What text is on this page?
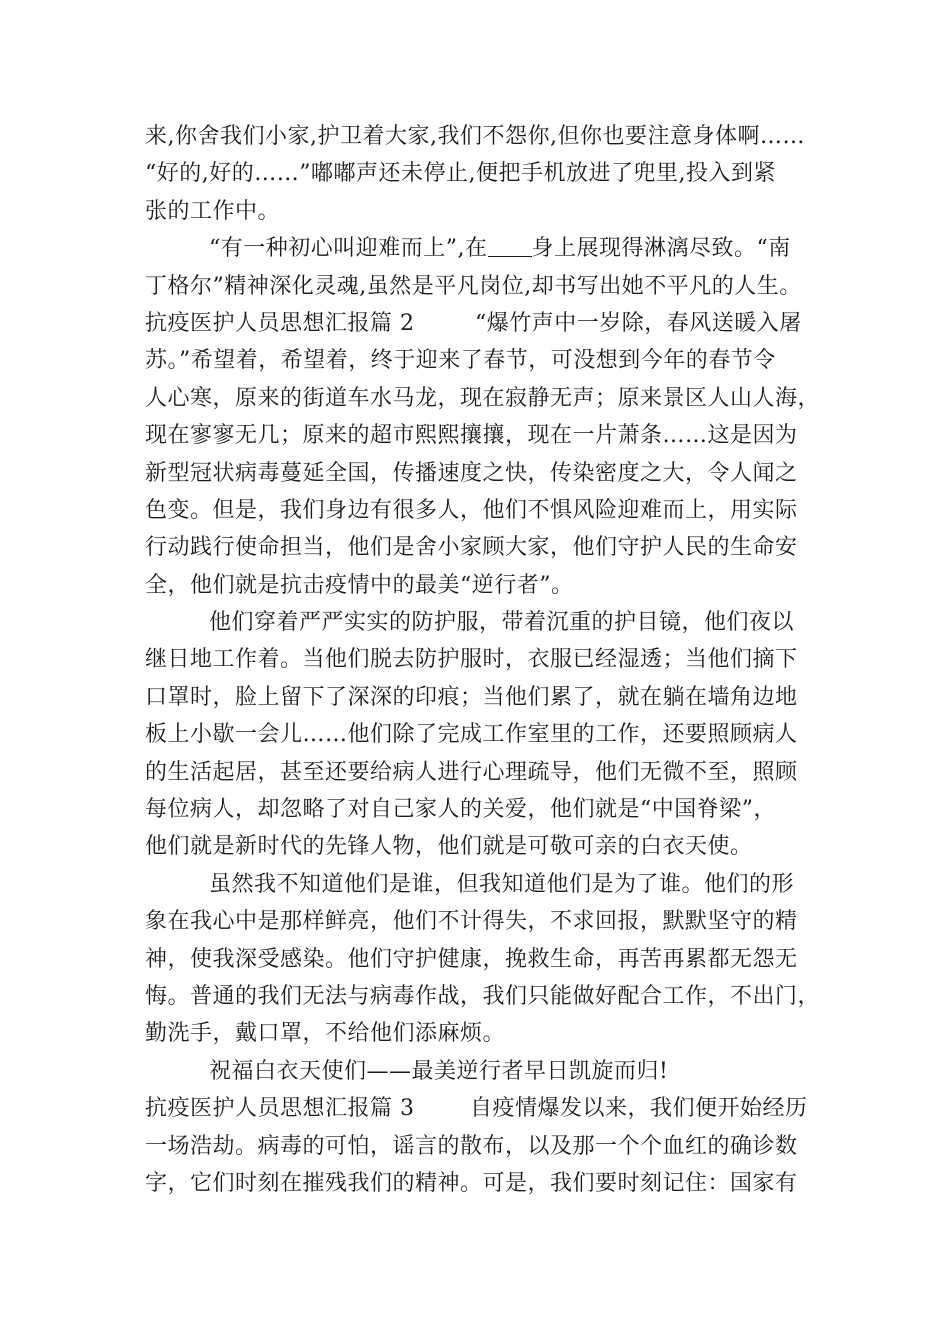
来,你舍我们小家,护卫着大家,我们不怨你,但你也要注意身体啊……
“好的,好的……”嘟嘟声还未停止,便把手机放进了兜里,投入到紧
张的工作中。
“有一种初心叫迎难而上”,在 身上展现得淋漓尽致。“南
丁格尔”精神深化灵魂,虽然是平凡岗位,却书写出她不平凡的人生。
抗疫医护人员思想汇报篇 2	“爆竹声中一岁除，春风送暖入屠
苏。”希望着，希望着，终于迎来了春节，可没想到今年的春节令
人心寒，原来的街道车水马龙，现在寂静无声；原来景区人山人海，
现在寥寥无几；原来的超市熙熙攘攘，现在一片萧条……这是因为
新型冠状病毒蔓延全国，传播速度之快，传染密度之大，令人闻之
色变。但是，我们身边有很多人，他们不惧风险迎难而上，用实际
行动践行使命担当，他们是舍小家顾大家，他们守护人民的生命安
全，他们就是抗击疫情中的最美“逆行者”。
他们穿着严严实实的防护服，带着沉重的护目镜，他们夜以
继日地工作着。当他们脱去防护服时，衣服已经湿透；当他们摘下
口罩时，脸上留下了深深的印痕；当他们累了，就在躺在墙角边地
板上小歇一会儿……他们除了完成工作室里的工作，还要照顾病人
的生活起居，甚至还要给病人进行心理疏导，他们无微不至，照顾
每位病人，却忽略了对自己家人的关爱，他们就是“中国脊梁”，
他们就是新时代的先锋人物，他们就是可敬可亲的白衣天使。
虽然我不知道他们是谁，但我知道他们是为了谁。他们的形
象在我心中是那样鲜亮，他们不计得失，不求回报，默默坚守的精
神，使我深受感染。他们守护健康，挽救生命，再苦再累都无怨无
悔。普通的我们无法与病毒作战，我们只能做好配合工作，不出门，
勤洗手，戴口罩，不给他们添麻烦。
祝福白衣天使们——最美逆行者早日凯旋而归!
抗疫医护人员思想汇报篇 3	自疫情爆发以来，我们便开始经历
一场浩劫。病毒的可怕，谣言的散布，以及那一个个血红的确诊数
字，它们时刻在摧残我们的精神。可是，我们要时刻记住：国家有
